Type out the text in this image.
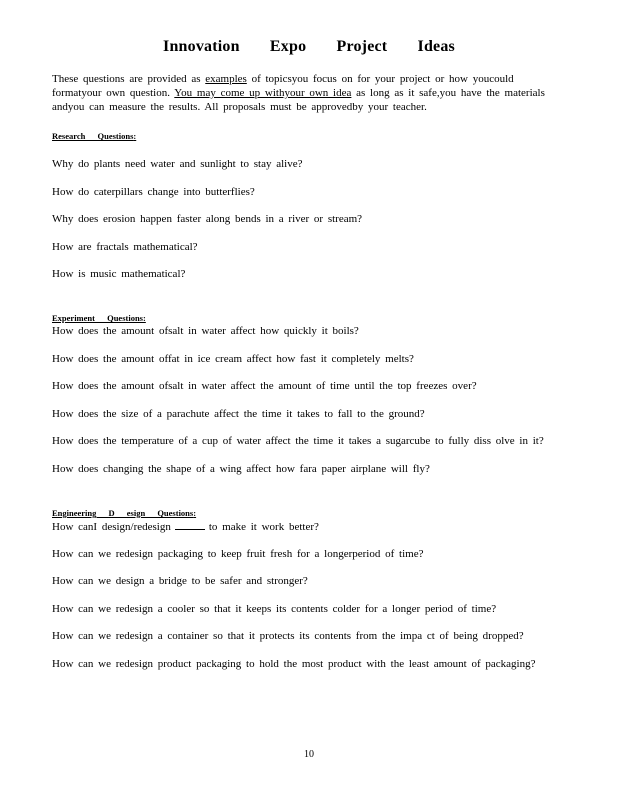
Innovation Expo Project Ideas

These questions are provided as examples of topicsyou focus on for your project or how youcould formatyour own question. You may come up withyour own idea as long as it safe,you have the materials andyou can measure the results. All proposals must be approvedby your teacher.

Research Questions:

Why do plants need water and sunlight to stay alive?
How do caterpillars change into butterflies?
Why does erosion happen faster along bends in a river or stream?
How are fractals mathematical?
How is music mathematical?

Experiment Questions:

How does the amount ofsalt in water affect how quickly it boils?
How does the amount offat in ice cream affect how fast it completely melts?
How does the amount ofsalt in water affect the amount of time until the top freezes over?
How does the size of a parachute affect the time it takes to fall to the ground?
How does the temperature of a cup of water affect the time it takes a sugarcube to fully diss olve in it?
How does changing the shape of a wing affect how fara paper airplane will fly?

Engineering D esign Questions:

How canI design/redesign	to make it work better?
How can we redesign packaging to keep fruit fresh for a longerperiod of time?
How can we design a bridge to be safer and stronger?
How can we redesign a cooler so that it keeps its contents colder for a longer period of time?
How can we redesign a container so that it protects its contents from the impa ct of being dropped?
How can we redesign product packaging to hold the most product with the least amount of packaging?

10
